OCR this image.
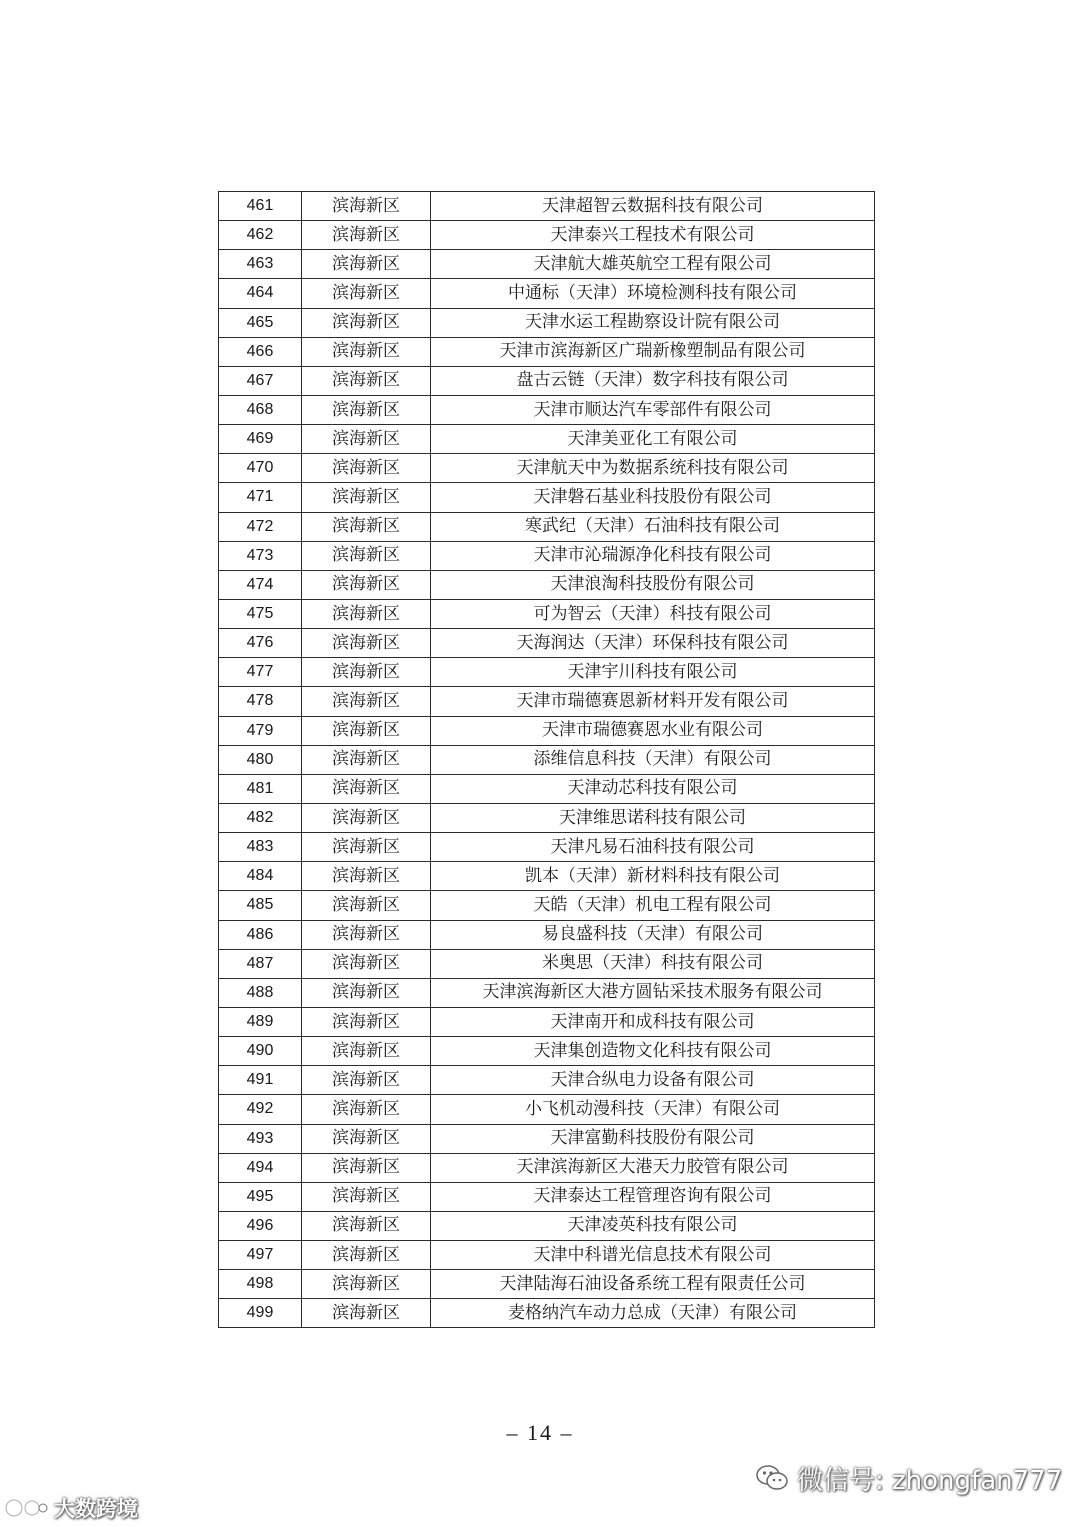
461	滨海新区	天津超智云数据科技有限公司
462	滨海新区	天津泰兴工程技术有限公司
463	滨海新区	天津航大雄英航空工程有限公司
464	滨海新区	中通标（天津）环境检测科技有限公司
465	滨海新区	天津水运工程勘察设计院有限公司
466	滨海新区	天津市滨海新区广瑞新橡塑制品有限公司
467	滨海新区	盘古云链（天津）数字科技有限公司
468	滨海新区	天津市顺达汽车零部件有限公司
469	滨海新区	天津美亚化工有限公司
470	滨海新区	天津航天中为数据系统科技有限公司
471	滨海新区	天津磐石基业科技股份有限公司
472	滨海新区	寒武纪（天津）石油科技有限公司
473	滨海新区	天津市沁瑞源净化科技有限公司
474	滨海新区	天津浪淘科技股份有限公司
475	滨海新区	可为智云（天津）科技有限公司
476	滨海新区	天海润达（天津）环保科技有限公司
477	滨海新区	天津宇川科技有限公司
478	滨海新区	天津市瑞德赛恩新材料开发有限公司
479	滨海新区	天津市瑞德赛恩水业有限公司
480	滨海新区	添维信息科技（天津）有限公司
481	滨海新区	天津动芯科技有限公司
482	滨海新区	天津维思诺科技有限公司
483	滨海新区	天津凡易石油科技有限公司
484	滨海新区	凯本（天津）新材料科技有限公司
485	滨海新区	天皓（天津）机电工程有限公司
486	滨海新区	易良盛科技（天津）有限公司
487	滨海新区	米奥思（天津）科技有限公司
488	滨海新区	天津滨海新区大港方圆钻采技术服务有限公司
489	滨海新区	天津南开和成科技有限公司
490	滨海新区	天津集创造物文化科技有限公司
491	滨海新区	天津合纵电力设备有限公司
492	滨海新区	小飞机动漫科技（天津）有限公司
493	滨海新区	天津富勤科技股份有限公司
494	滨海新区	天津滨海新区大港天力胶管有限公司
495	滨海新区	天津泰达工程管理咨询有限公司
496	滨海新区	天津凌英科技有限公司
497	滨海新区	天津中科谱光信息技术有限公司
498	滨海新区	天津陆海石油设备系统工程有限责任公司
499	滨海新区	麦格纳汽车动力总成（天津）有限公司
– 14 –
微信号: zhongfan777
大数跨境
